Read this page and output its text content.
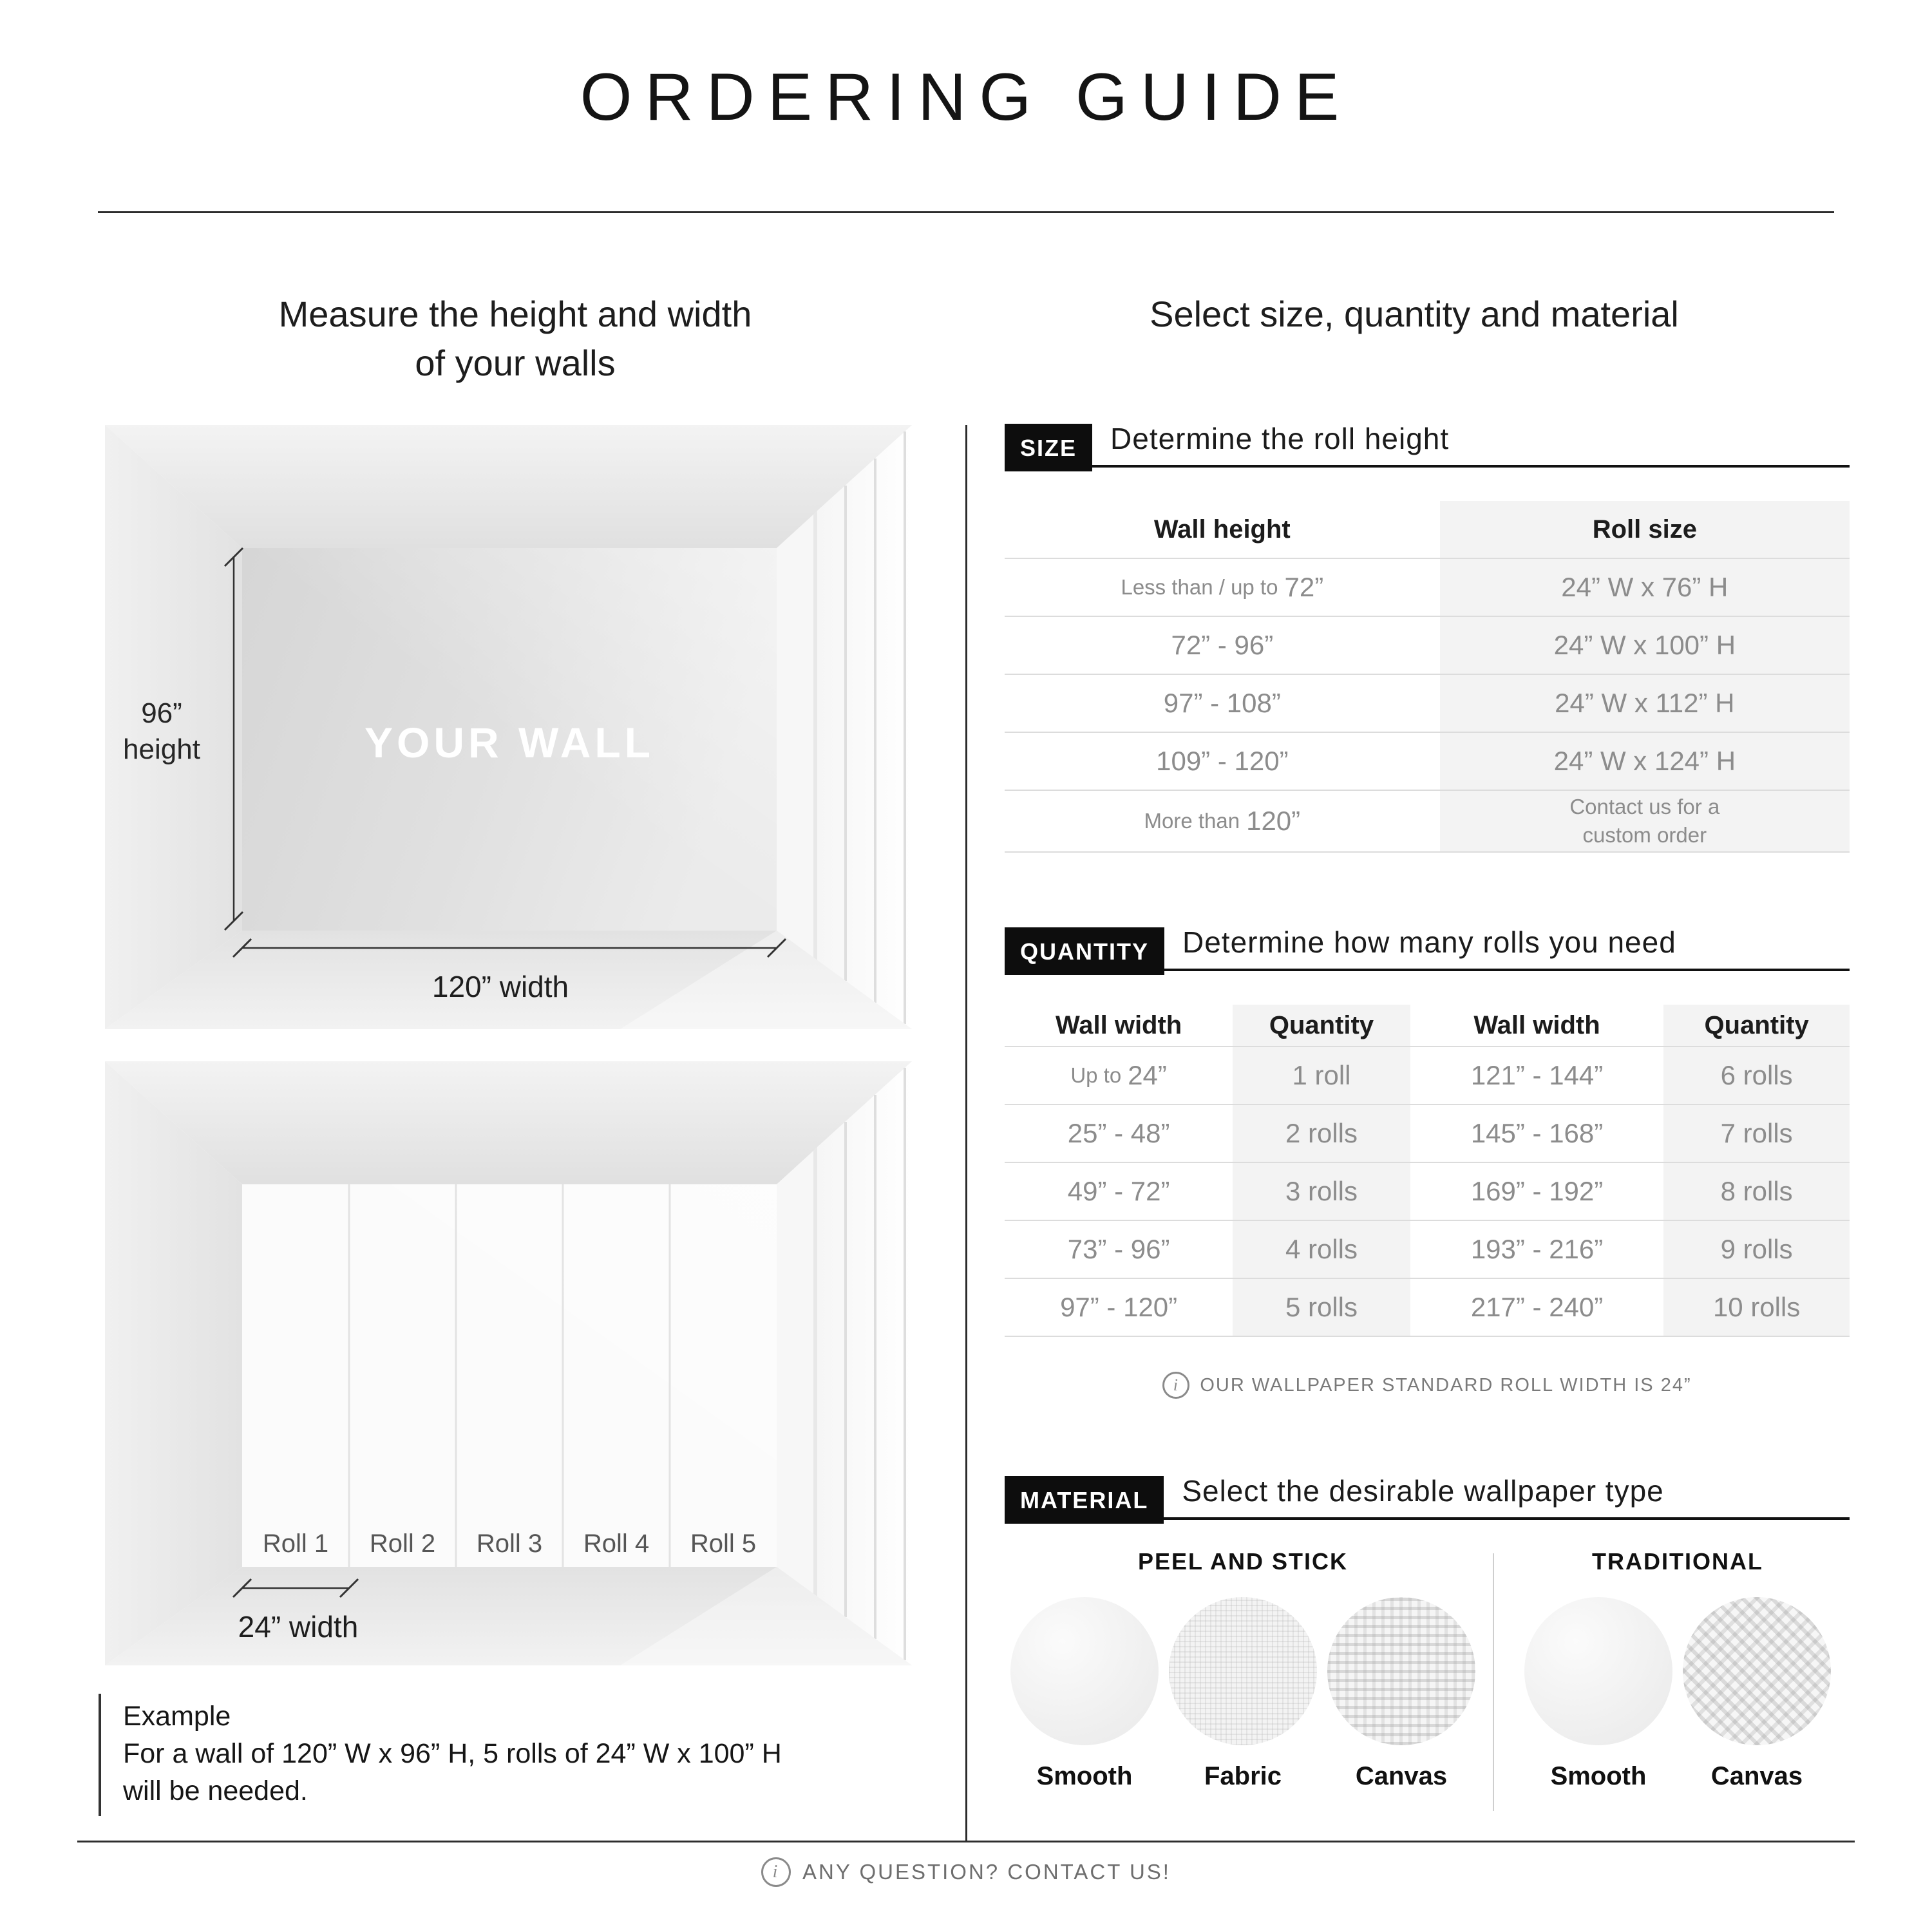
ORDERING GUIDE
Measure the height and width
of your walls
Select size, quantity and material
96”
height	YOUR WALL
120” width
Roll 1 Roll 2 Roll 3 Roll 4 Roll 5
24” width
Example
For a wall of 120” W x 96” H, 5 rolls of 24” W x 100” H
will be needed.
SIZE	Determine the roll height
Wall height	Roll size
Less than / up to 72”	24” W x 76” H
72” - 96”	24” W x 100” H
97” - 108”	24” W x 112” H
109” - 120”	24” W x 124” H
More than 120”	Contact us for a
custom order
QUANTITY	Determine how many rolls you need
Wall width	Quantity	Wall width	Quantity
Up to 24”	1 roll	121” - 144”	6 rolls
25” - 48”	2 rolls	145” - 168”	7 rolls
49” - 72”	3 rolls	169” - 192”	8 rolls
73” - 96”	4 rolls	193” - 216”	9 rolls
97” - 120”	5 rolls	217” - 240”	10 rolls
i	OUR WALLPAPER STANDARD ROLL WIDTH IS 24”
MATERIAL	Select the desirable wallpaper type
PEEL AND STICK
Smooth	Fabric	Canvas
TRADITIONAL
Smooth	Canvas
i	ANY QUESTION? CONTACT US!
